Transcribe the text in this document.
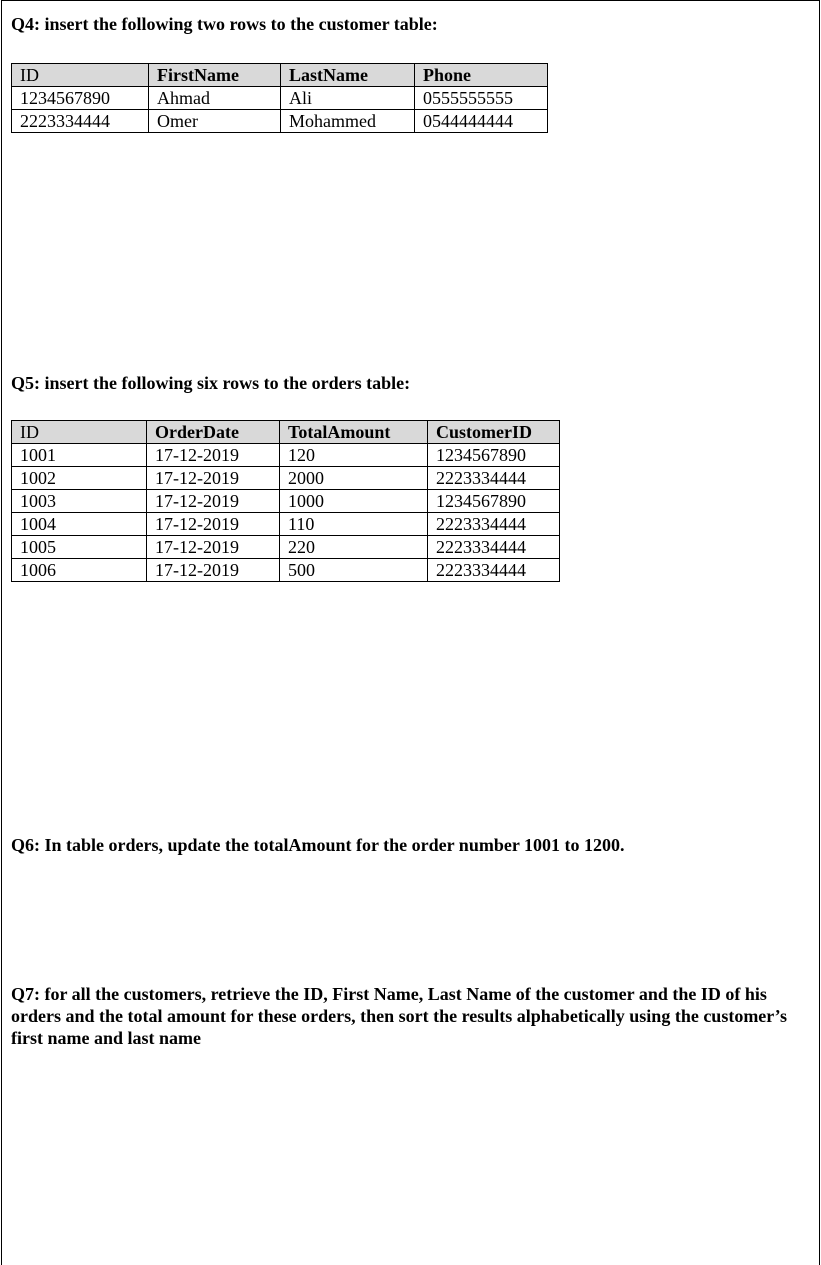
Q4: insert the following two rows to the customer table:

ID	FirstName	LastName	Phone
1234567890	Ahmad	Ali	0555555555
2223334444	Omer	Mohammed	0544444444

Q5: insert the following six rows to the orders table:

ID	OrderDate	TotalAmount	CustomerID
1001	17-12-2019	120	1234567890
1002	17-12-2019	2000	2223334444
1003	17-12-2019	1000	1234567890
1004	17-12-2019	110	2223334444
1005	17-12-2019	220	2223334444
1006	17-12-2019	500	2223334444

Q6: In table orders, update the totalAmount for the order number 1001 to 1200.

Q7: for all the customers, retrieve the ID, First Name, Last Name of the customer and the ID of his orders and the total amount for these orders, then sort the results alphabetically using the customer’s first name and last name
